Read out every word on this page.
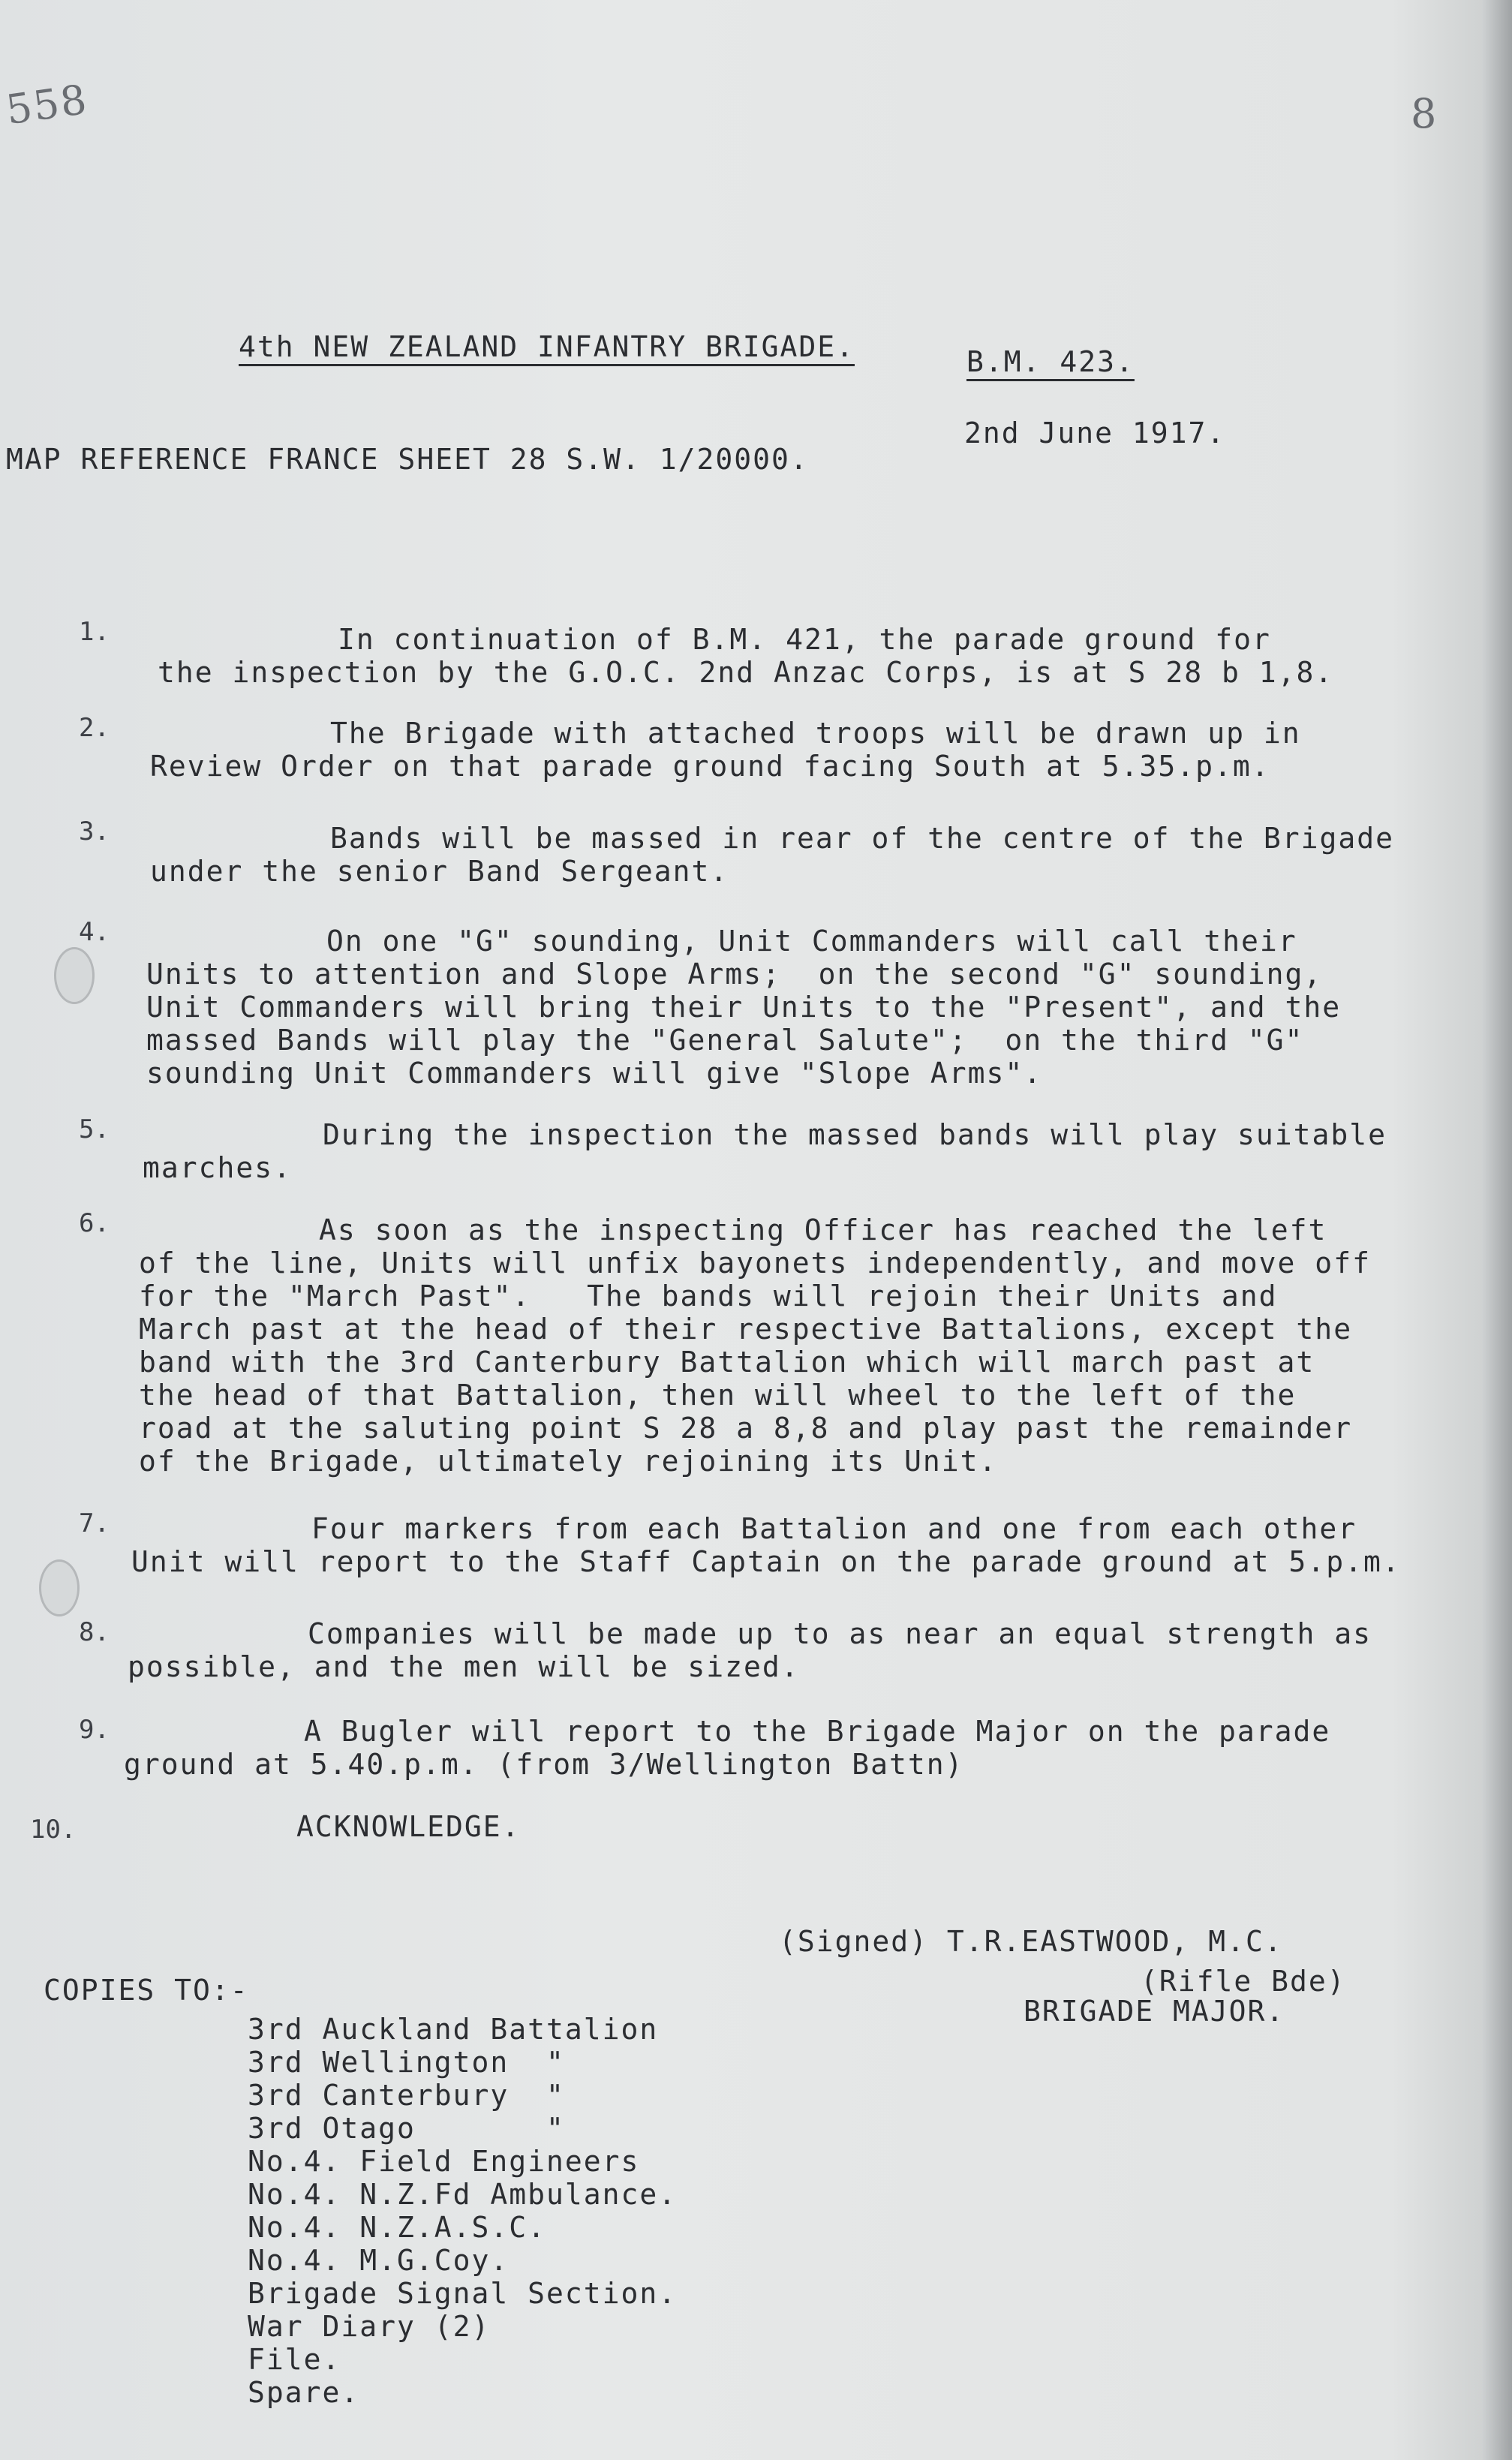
558	8
4th NEW ZEALAND INFANTRY BRIGADE.	B.M. 423.
2nd June 1917.
MAP REFERENCE FRANCE SHEET 28 S.W. 1/20000.
1.	In continuation of B.M. 421, the parade ground for
the inspection by the G.O.C. 2nd Anzac Corps, is at S 28 b 1,8.
2.	The Brigade with attached troops will be drawn up in
Review Order on that parade ground facing South at 5.35.p.m.
3.	Bands will be massed in rear of the centre of the Brigade
under the senior Band Sergeant.
4.	On one "G" sounding, Unit Commanders will call their
Units to attention and Slope Arms;  on the second "G" sounding,
Unit Commanders will bring their Units to the "Present", and the
massed Bands will play the "General Salute";  on the third "G"
sounding Unit Commanders will give "Slope Arms".
5.	During the inspection the massed bands will play suitable
marches.
6.	As soon as the inspecting Officer has reached the left
of the line, Units will unfix bayonets independently, and move off
for the "March Past".   The bands will rejoin their Units and
March past at the head of their respective Battalions, except the
band with the 3rd Canterbury Battalion which will march past at
the head of that Battalion, then will wheel to the left of the
road at the saluting point S 28 a 8,8 and play past the remainder
of the Brigade, ultimately rejoining its Unit.
7.	Four markers from each Battalion and one from each other
Unit will report to the Staff Captain on the parade ground at 5.p.m.
8.	Companies will be made up to as near an equal strength as
possible, and the men will be sized.
9.	A Bugler will report to the Brigade Major on the parade
ground at 5.40.p.m. (from 3/Wellington Battn)
10.	ACKNOWLEDGE.
(Signed) T.R.EASTWOOD, M.C.
(Rifle Bde)
BRIGADE MAJOR.
COPIES TO:-
3rd Auckland Battalion
3rd Wellington  "
3rd Canterbury  "
3rd Otago       "
No.4. Field Engineers
No.4. N.Z.Fd Ambulance.
No.4. N.Z.A.S.C.
No.4. M.G.Coy.
Brigade Signal Section.
War Diary (2)
File.
Spare.
